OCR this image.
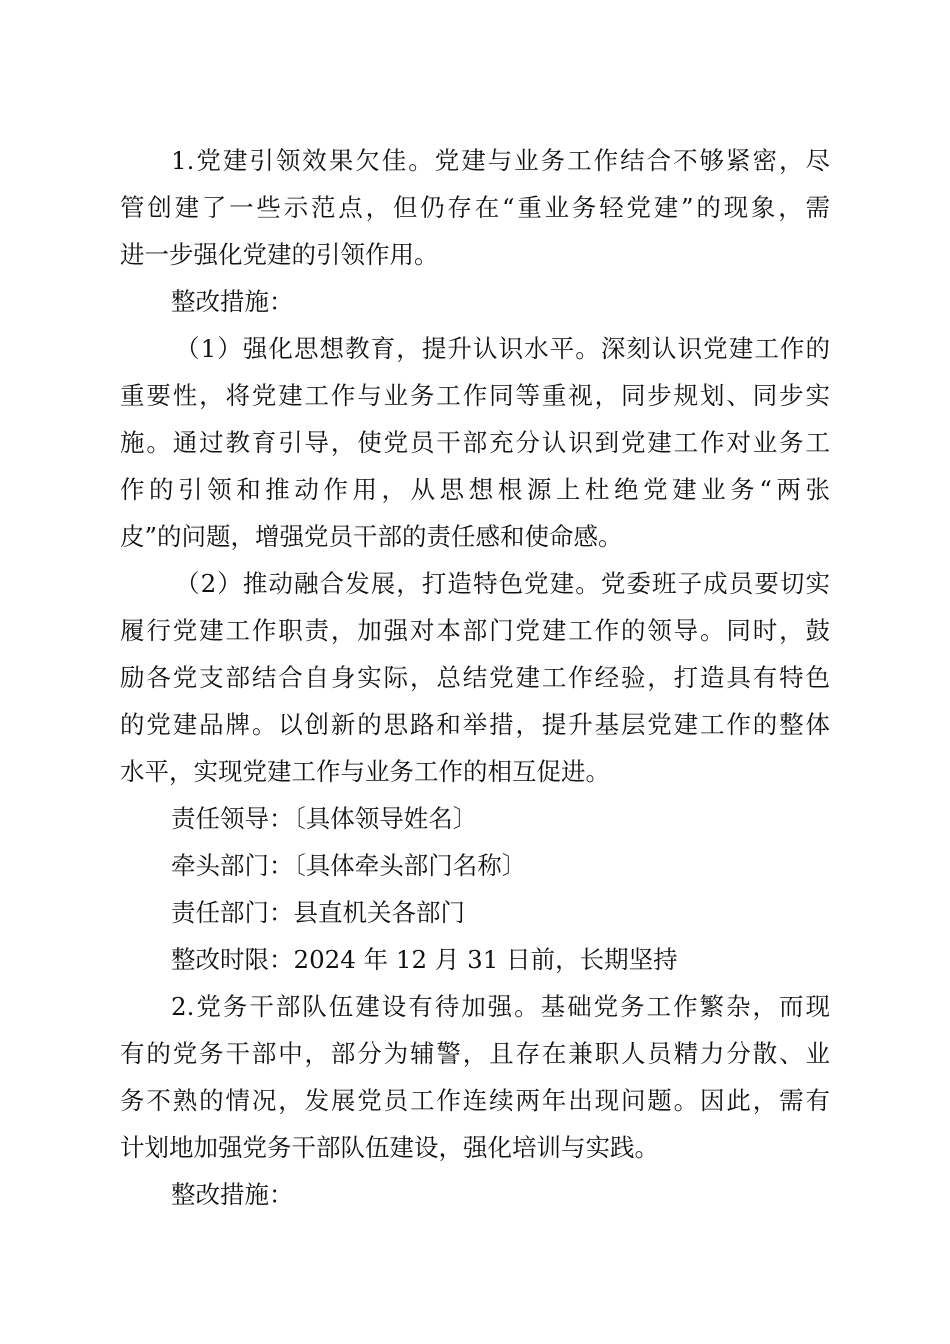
1.党建引领效果欠佳。党建与业务工作结合不够紧密，尽
管创建了一些示范点，但仍存在“重业务轻党建”的现象，需
进一步强化党建的引领作用。
整改措施：
（1）强化思想教育，提升认识水平。深刻认识党建工作的
重要性，将党建工作与业务工作同等重视，同步规划、同步实
施。通过教育引导，使党员干部充分认识到党建工作对业务工
作的引领和推动作用，从思想根源上杜绝党建业务“两张
皮”的问题，增强党员干部的责任感和使命感。
（2）推动融合发展，打造特色党建。党委班子成员要切实
履行党建工作职责，加强对本部门党建工作的领导。同时，鼓
励各党支部结合自身实际，总结党建工作经验，打造具有特色
的党建品牌。以创新的思路和举措，提升基层党建工作的整体
水平，实现党建工作与业务工作的相互促进。
责任领导：〔具体领导姓名〕
牵头部门：〔具体牵头部门名称〕
责任部门：县直机关各部门
整改时限：2024 年 12 月 31 日前，长期坚持
2.党务干部队伍建设有待加强。基础党务工作繁杂，而现
有的党务干部中，部分为辅警，且存在兼职人员精力分散、业
务不熟的情况，发展党员工作连续两年出现问题。因此，需有
计划地加强党务干部队伍建设，强化培训与实践。
整改措施：
